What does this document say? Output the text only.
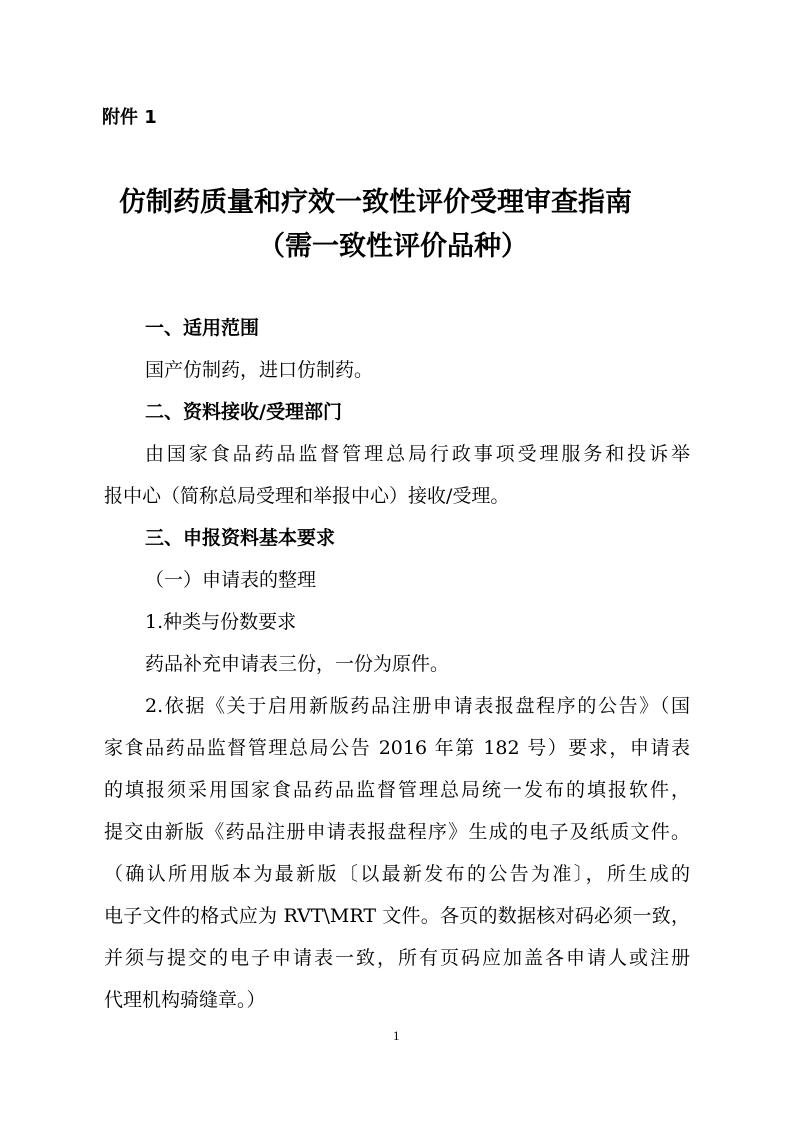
附件 1
仿制药质量和疗效一致性评价受理审查指南
（需一致性评价品种）
一、适用范围
国产仿制药，进口仿制药。
二、资料接收/受理部门
由国家食品药品监督管理总局行政事项受理服务和投诉举
报中心（简称总局受理和举报中心）接收/受理。
三、申报资料基本要求
（一）申请表的整理
1.种类与份数要求
药品补充申请表三份，一份为原件。
2.依据《关于启用新版药品注册申请表报盘程序的公告》（国
家食品药品监督管理总局公告 2016 年第 182 号）要求，申请表
的填报须采用国家食品药品监督管理总局统一发布的填报软件，
提交由新版《药品注册申请表报盘程序》生成的电子及纸质文件。
（确认所用版本为最新版〔以最新发布的公告为准〕，所生成的
电子文件的格式应为 RVT\MRT 文件。各页的数据核对码必须一致，
并须与提交的电子申请表一致，所有页码应加盖各申请人或注册
代理机构骑缝章。）
1
